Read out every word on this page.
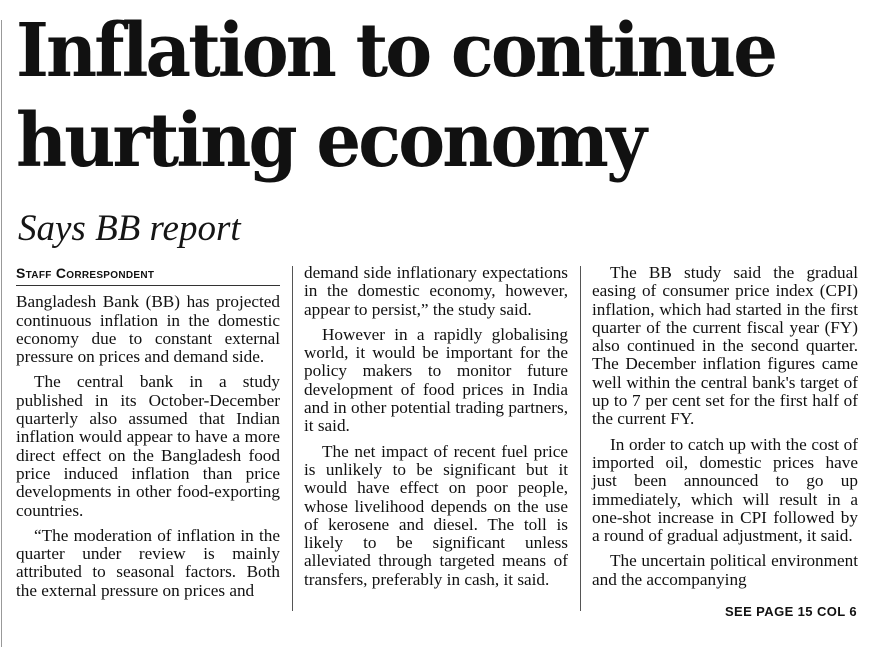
Inflation to continue
hurting economy
Says BB report
Staff Correspondent

Bangladesh Bank (BB) has projected continuous inflation in the domestic economy due to constant external pressure on prices and demand side.

The central bank in a study published in its October-December quarterly also assumed that Indian inflation would appear to have a more direct effect on the Bangladesh food price induced inflation than price developments in other food-exporting countries.

“The moderation of inflation in the quarter under review is mainly attributed to seasonal factors. Both the external pressure on prices and

demand side inflationary expectations in the domestic economy, however, appear to persist,” the study said.

However in a rapidly globalising world, it would be important for the policy makers to monitor future development of food prices in India and in other potential trading partners, it said.

The net impact of recent fuel price is unlikely to be significant but it would have effect on poor people, whose livelihood depends on the use of kerosene and diesel. The toll is likely to be significant unless alleviated through targeted means of transfers, preferably in cash, it said.

The BB study said the gradual easing of consumer price index (CPI) inflation, which had started in the first quarter of the current fiscal year (FY) also continued in the second quarter. The December inflation figures came well within the central bank's target of up to 7 per cent set for the first half of the current FY.

In order to catch up with the cost of imported oil, domestic prices have just been announced to go up immediately, which will result in a one-shot increase in CPI followed by a round of gradual adjustment, it said.

The uncertain political environment and the accompanying

SEE PAGE 15 COL 6
